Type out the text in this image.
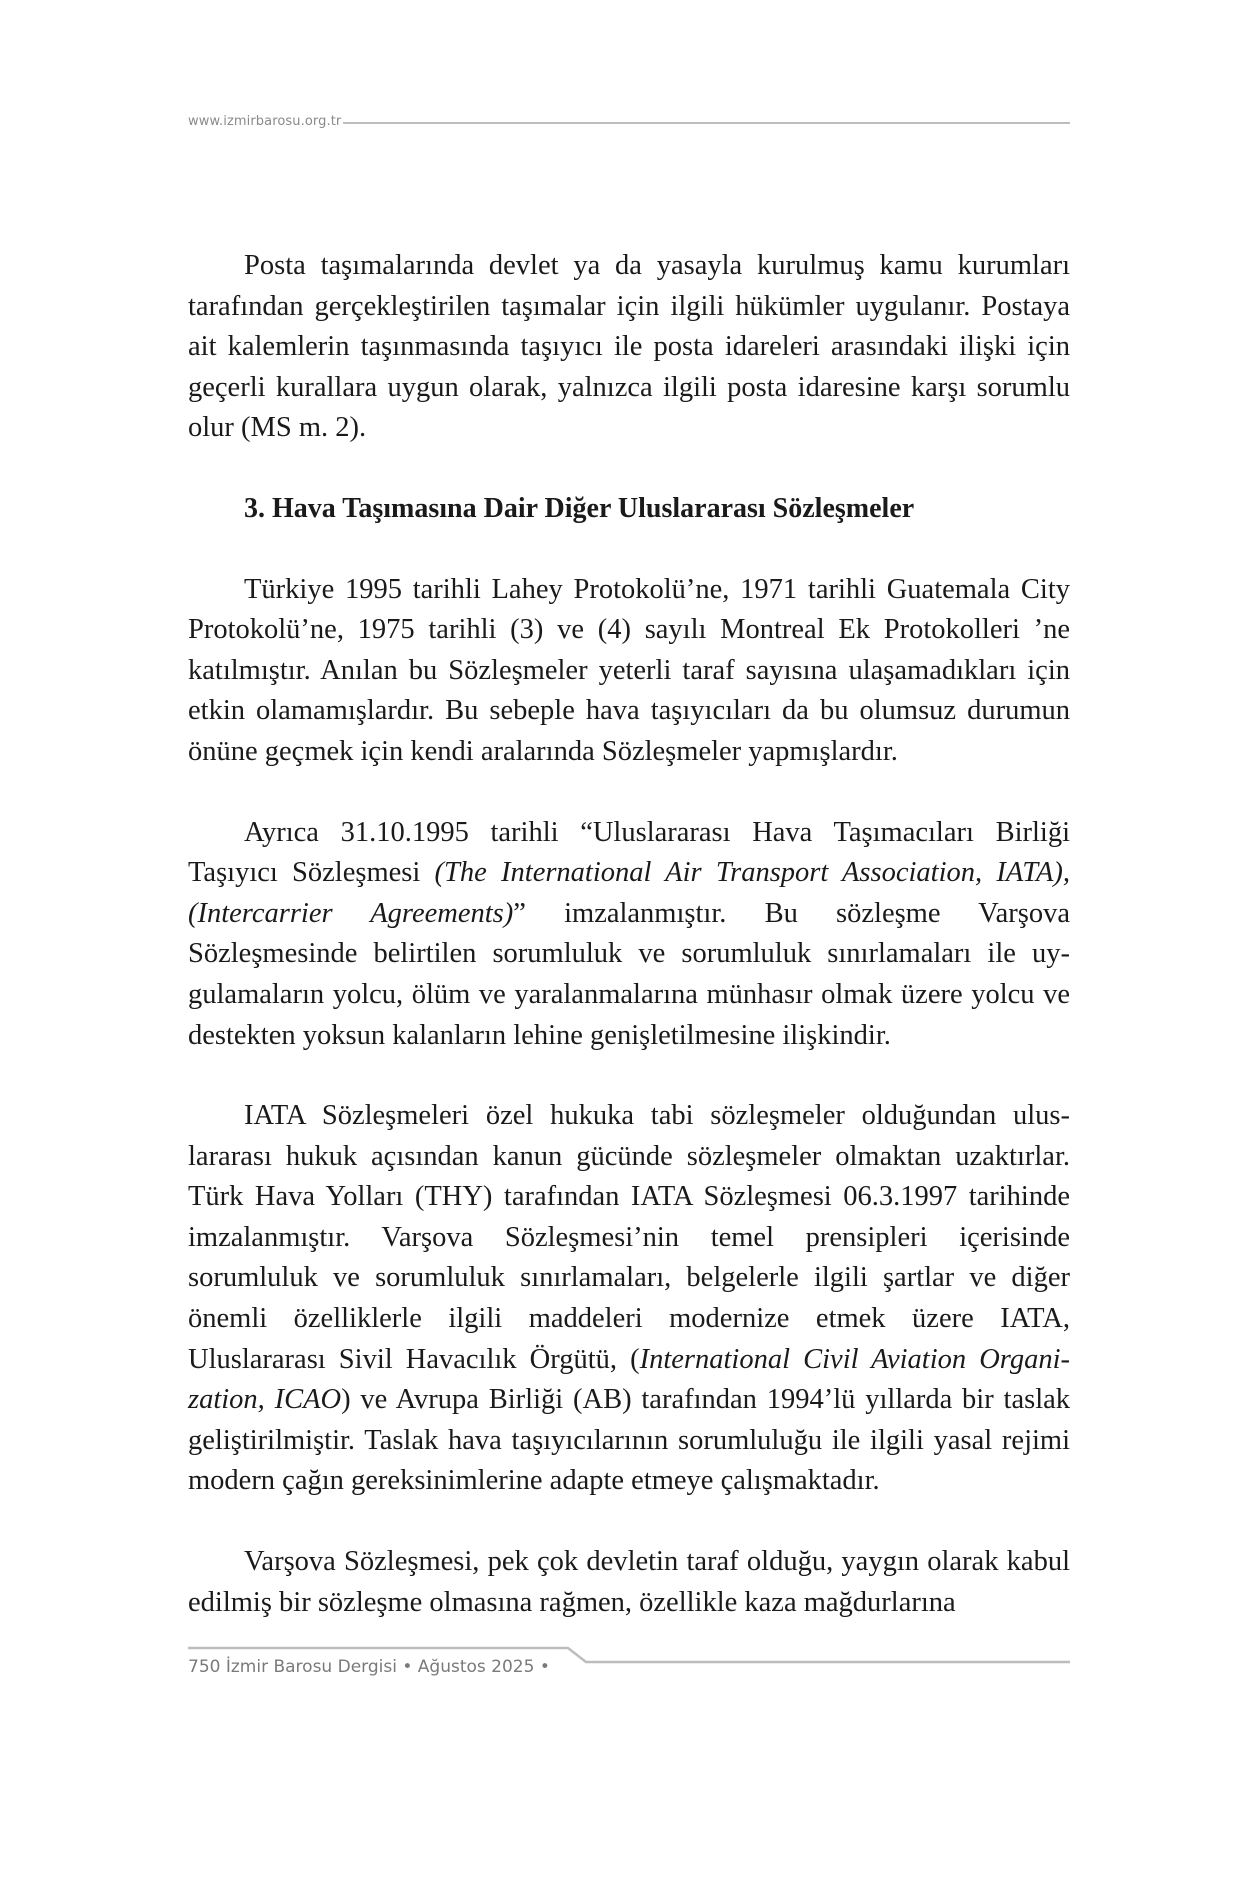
www.izmirbarosu.org.tr

Posta taşımalarında devlet ya da yasayla kurulmuş kamu kurumları tarafından gerçekleştirilen taşımalar için ilgili hükümler uygulanır. Postaya ait kalemlerin taşınmasında taşıyıcı ile posta idareleri arasındaki ilişki için geçerli kurallara uygun olarak, yalnızca ilgili posta idaresine karşı sorumlu olur (MS m. 2).

3. Hava Taşımasına Dair Diğer Uluslararası Sözleşmeler

Türkiye 1995 tarihli Lahey Protokolü’ne, 1971 tarihli Guatemala City Protokolü’ne, 1975 tarihli (3) ve (4) sayılı Montreal Ek Protokolleri ’ne katılmıştır. Anılan bu Sözleşmeler yeterli taraf sayısına ulaşamadıkları için etkin olamamışlardır. Bu sebeple hava taşıyıcıları da bu olumsuz durumun önüne geçmek için kendi aralarında Sözleşmeler yapmışlardır.

Ayrıca 31.10.1995 tarihli “Uluslararası Hava Taşımacıları Birliği Taşıyıcı Sözleşmesi (The International Air Transport Association, IATA), (Intercarrier Agreements)” imzalanmıştır. Bu sözleşme Varşova Sözleşmesinde belirtilen sorumluluk ve sorumluluk sınırlamaları ile uygulamaların yolcu, ölüm ve yaralanmalarına münhasır olmak üzere yolcu ve destekten yoksun kalanların lehine genişletilmesine ilişkindir.

IATA Sözleşmeleri özel hukuka tabi sözleşmeler olduğundan uluslararası hukuk açısından kanun gücünde sözleşmeler olmaktan uzaktırlar. Türk Hava Yolları (THY) tarafından IATA Sözleşmesi 06.3.1997 tarihinde imzalanmıştır. Varşova Sözleşmesi’nin temel prensipleri içerisinde sorumluluk ve sorumluluk sınırlamaları, belgelerle ilgili şartlar ve diğer önemli özelliklerle ilgili maddeleri modernize etmek üzere IATA, Uluslararası Sivil Havacılık Örgütü, (International Civil Aviation Organization, ICAO) ve Avrupa Birliği (AB) tarafından 1994’lü yıllarda bir taslak geliştirilmiştir. Taslak hava taşıyıcılarının sorumluluğu ile ilgili yasal rejimi modern çağın gereksinimlerine adapte etmeye çalışmaktadır.

Varşova Sözleşmesi, pek çok devletin taraf olduğu, yaygın olarak kabul edilmiş bir sözleşme olmasına rağmen, özellikle kaza mağdurlarına

750 İzmir Barosu Dergisi • Ağustos 2025 •
